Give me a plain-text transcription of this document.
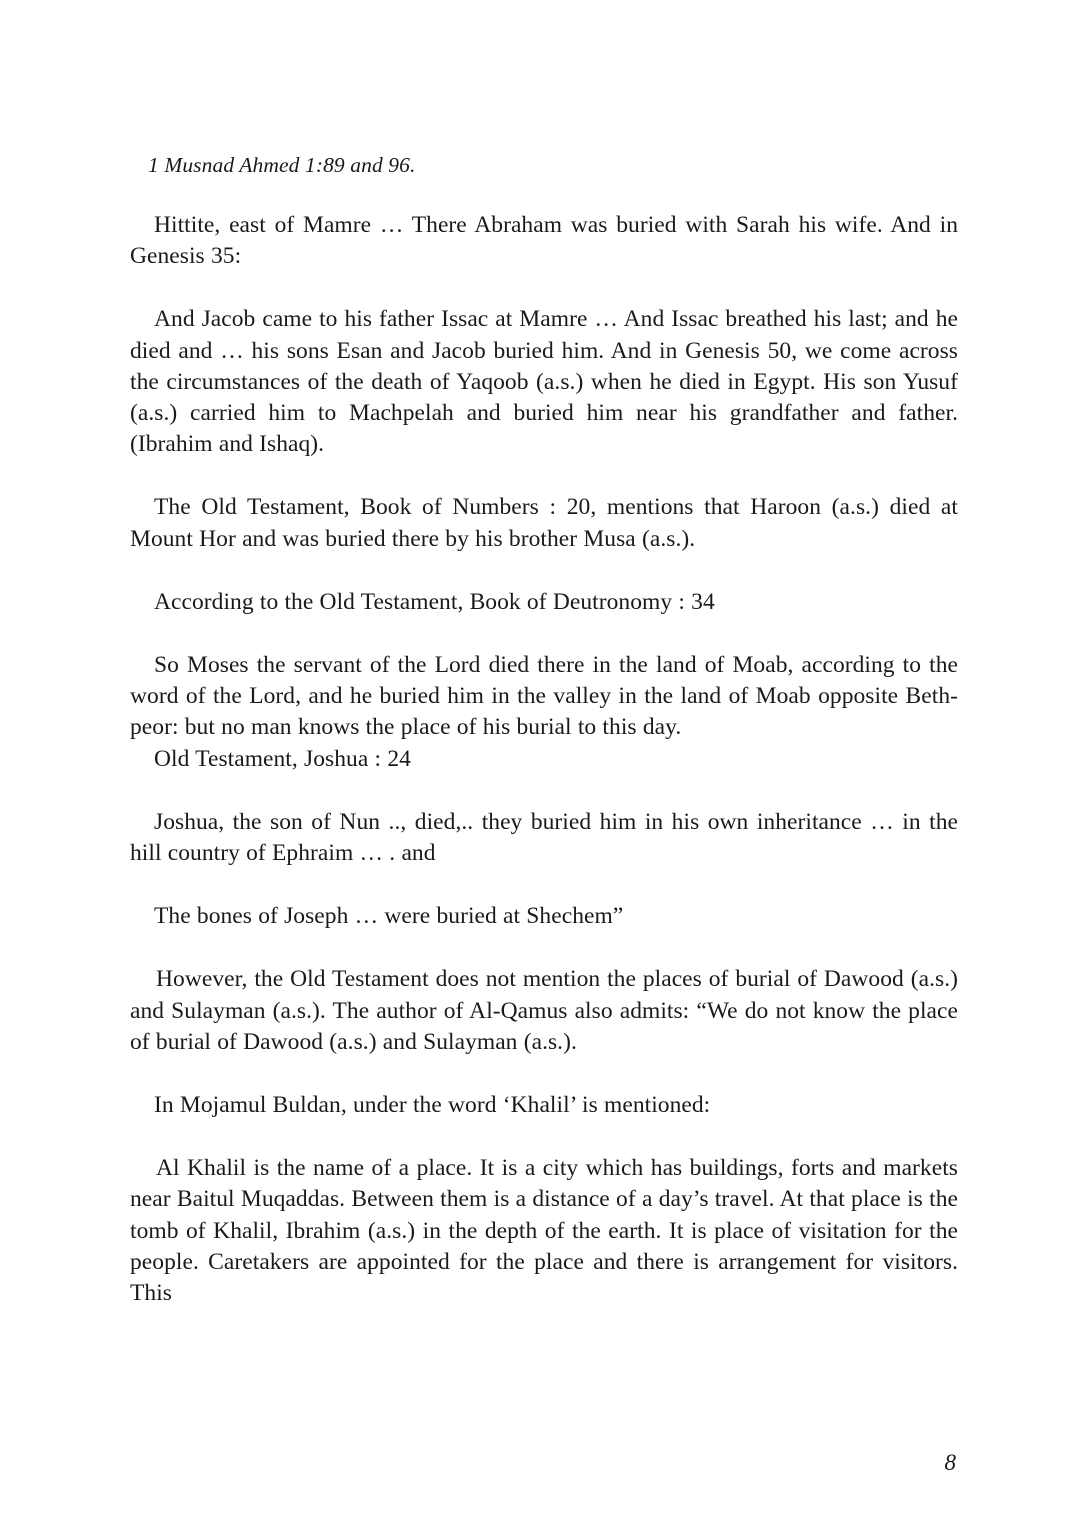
1 Musnad Ahmed 1:89 and 96.

Hittite, east of Mamre … There Abraham was buried with Sarah his wife. And in Genesis 35:

And Jacob came to his father Issac at Mamre … And Issac breathed his last; and he died and … his sons Esan and Jacob buried him. And in Genesis 50, we come across the circumstances of the death of Yaqoob (a.s.) when he died in Egypt. His son Yusuf (a.s.) carried him to Machpelah and buried him near his grandfather and father. (Ibrahim and Ishaq).

The Old Testament, Book of Numbers : 20, mentions that Haroon (a.s.) died at Mount Hor and was buried there by his brother Musa (a.s.).

According to the Old Testament, Book of Deutronomy : 34

So Moses the servant of the Lord died there in the land of Moab, according to the word of the Lord, and he buried him in the valley in the land of Moab opposite Beth-peor: but no man knows the place of his burial to this day.

Old Testament, Joshua : 24

Joshua, the son of Nun .., died,.. they buried him in his own inheritance … in the hill country of Ephraim … . and

The bones of Joseph … were buried at Shechem”

However, the Old Testament does not mention the places of burial of Dawood (a.s.) and Sulayman (a.s.). The author of Al-Qamus also admits: “We do not know the place of burial of Dawood (a.s.) and Sulayman (a.s.).

In Mojamul Buldan, under the word ‘Khalil’ is mentioned:

Al Khalil is the name of a place. It is a city which has buildings, forts and markets near Baitul Muqaddas. Between them is a distance of a day’s travel. At that place is the tomb of Khalil, Ibrahim (a.s.) in the depth of the earth. It is place of visitation for the people. Caretakers are appointed for the place and there is arrangement for visitors. This

8
